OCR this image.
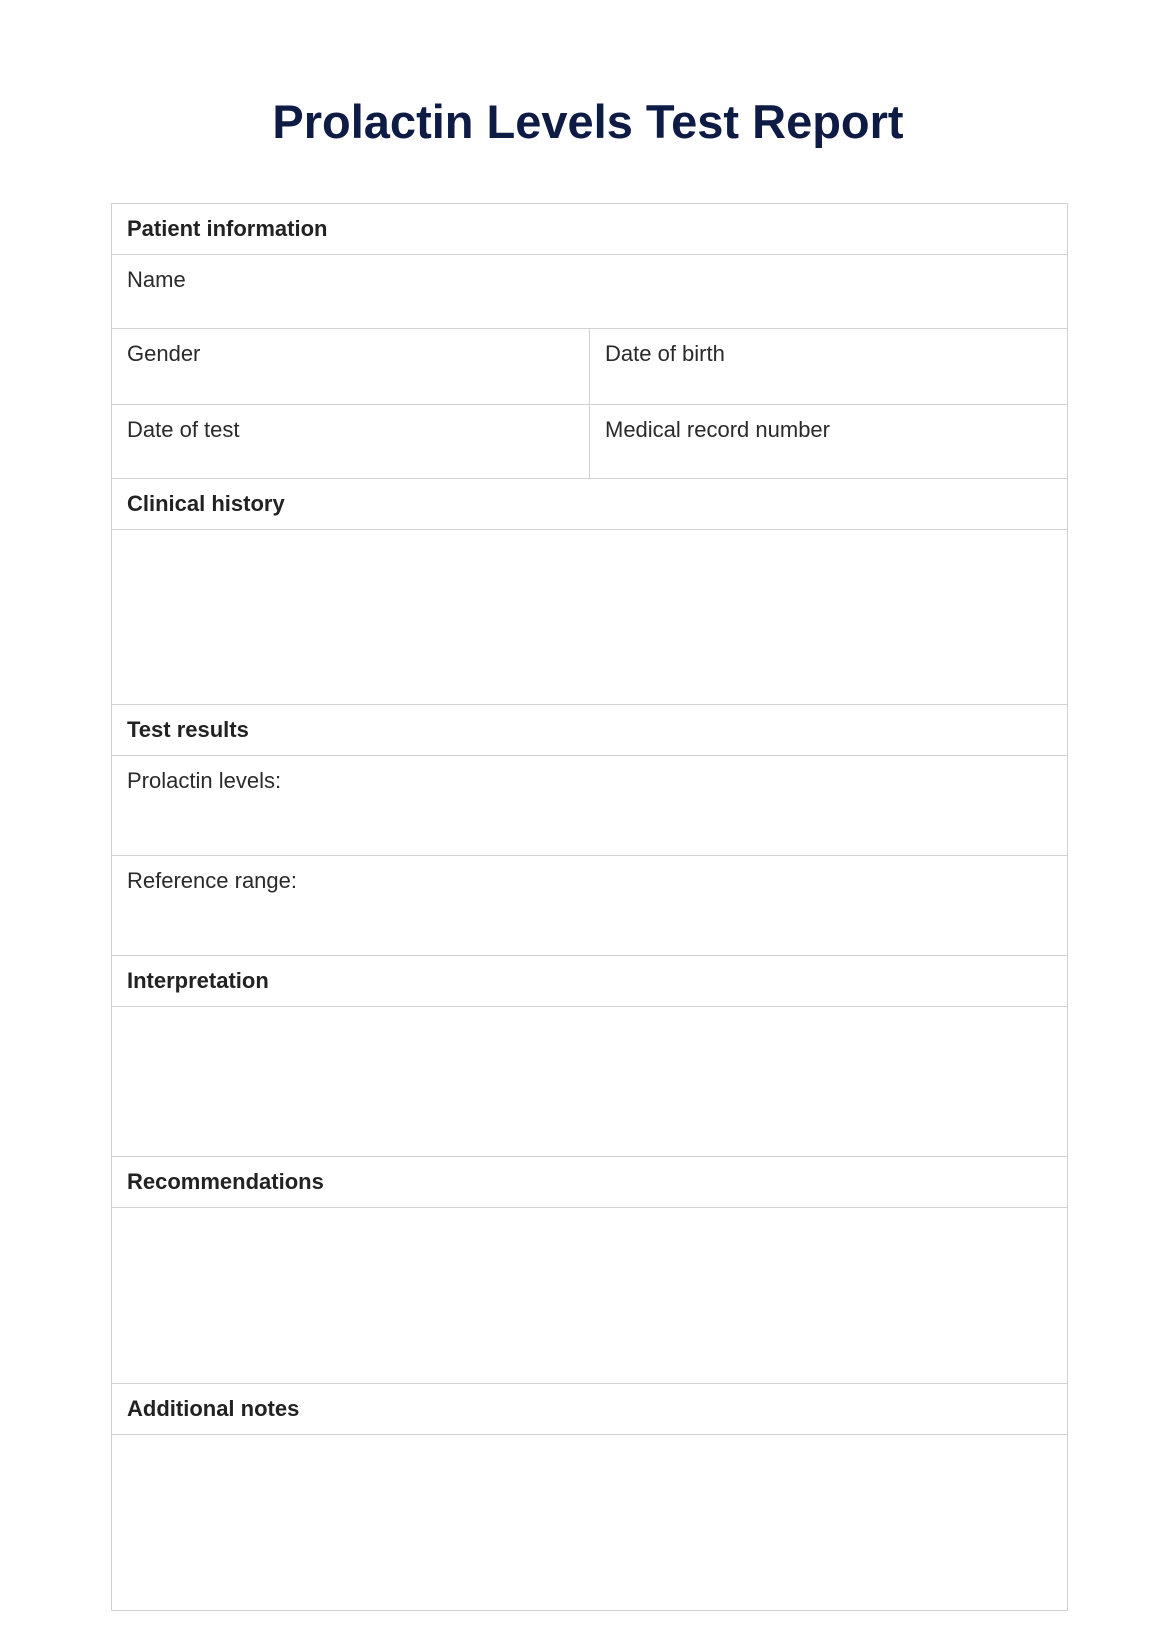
Prolactin Levels Test Report
Patient information	
Name	
Gender	Date of birth
Date of test	Medical record number
Clinical history	

Test results	
Prolactin levels:	
Reference range:	
Interpretation	

Recommendations	

Additional notes	
